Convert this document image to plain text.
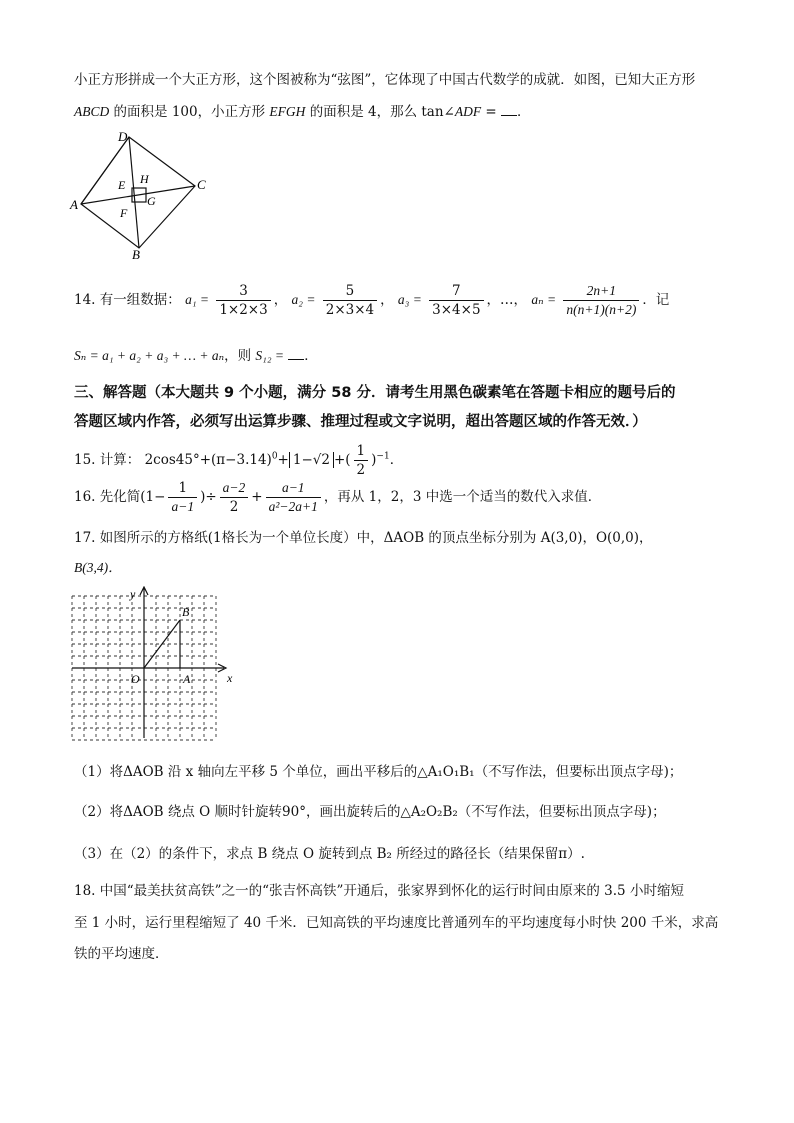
小正方形拼成一个大正方形，这个图被称为“弦图”，它体现了中国古代数学的成就．如图，已知大正方形
ABCD 的面积是 100，小正方形 EFGH 的面积是 4，那么 tan∠ADF = ．
D
C
A
B
E H
F
G
14. 有一组数据： $a_1 = \frac{3}{1\times 2\times 3}$ ， $a_2 = \frac{5}{2\times 3\times 4}$ ， $a_3 = \frac{7}{3\times 4\times 5}$ ，…， $a_n = \frac{2n+1}{n(n+1)(n+2)}$ ．记
Sₙ = a₁ + a₂ + a₃ + … + aₙ，则 S₁₂ = ．
三、解答题（本大题共 9 个小题，满分 58 分．请考生用黑色碳素笔在答题卡相应的题号后的
答题区域内作答，必须写出运算步骤、推理过程或文字说明，超出答题区域的作答无效．）
15. 计算： $2\cos 45^\circ+(\pi-3.14)^0+ 1-√2$ +( $\frac{1}{2} )^{-1}$．
16. 先化简($1- \frac{1}{a-1}$ )÷ $\frac{a-2}{2} + \frac{a-1}{\text{a²−2a+1}}$ ，再从 1，2，3 中选一个适当的数代入求值．
17. 如图所示的方格纸(1格长为一个单位长度）中，ΔAOB 的顶点坐标分别为 A(3,0)，O(0,0)，
B(3,4)．
x
y
O	A
B
（1）将ΔAOB 沿 x 轴向左平移 5 个单位，画出平移后的△A₁O₁B₁（不写作法，但要标出顶点字母)；
（2）将ΔAOB 绕点 O 顺时针旋转90°，画出旋转后的△A₂O₂B₂（不写作法，但要标出顶点字母)；
（3）在（2）的条件下，求点 B 绕点 O 旋转到点 B₂ 所经过的路径长（结果保留π）.
18. 中国“最美扶贫高铁”之一的“张吉怀高铁”开通后，张家界到怀化的运行时间由原来的 3.5 小时缩短
至 1 小时，运行里程缩短了 40 千米．已知高铁的平均速度比普通列车的平均速度每小时快 200 千米，求高
铁的平均速度．
